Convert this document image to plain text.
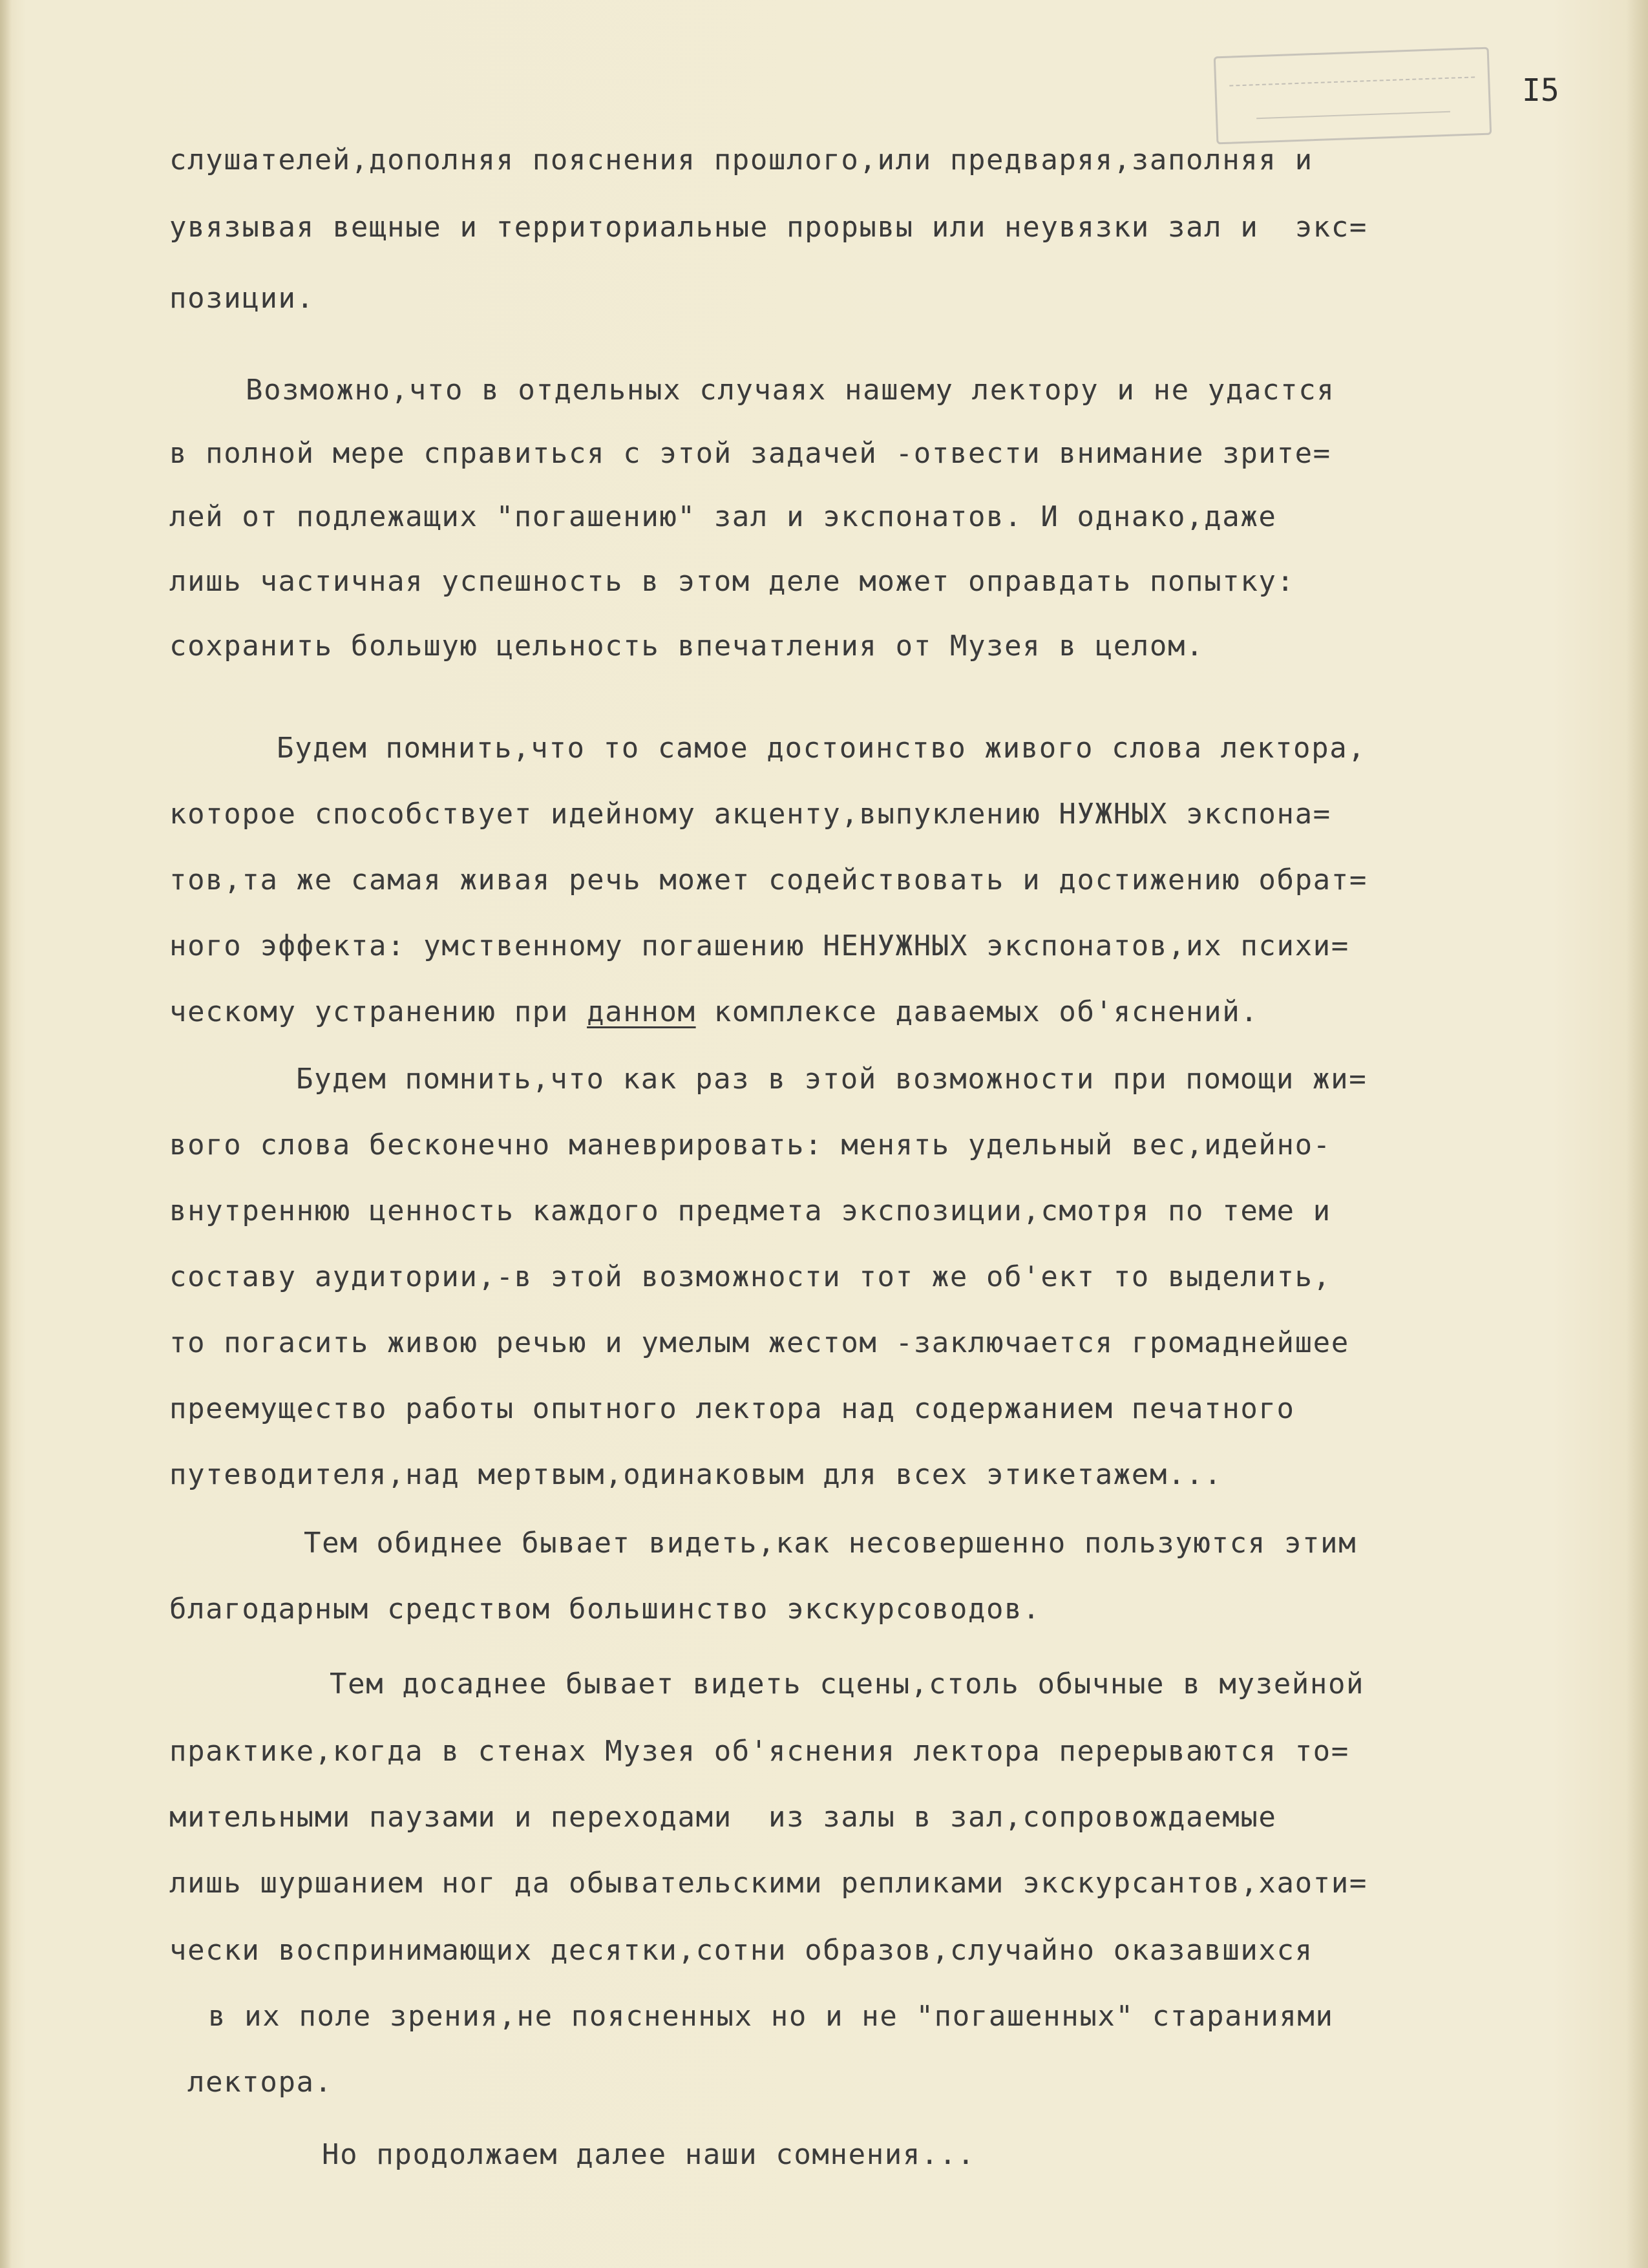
I5
слушателей,дополняя пояснения прошлого,или предваряя,заполняя и
увязывая вещные и территориальные прорывы или неувязки зал и  экс=
позиции.
Возможно,что в отдельных случаях нашему лектору и не удастся
в полной мере справиться с этой задачей -отвести внимание зрите=
лей от подлежащих "погашению" зал и экспонатов. И однако,даже
лишь частичная успешность в этом деле может оправдать попытку:
сохранить большую цельность впечатления от Музея в целом.
Будем помнить,что то самое достоинство живого слова лектора,
которое способствует идейному акценту,выпуклению НУЖНЫХ экспона=
тов,та же самая живая речь может содействовать и достижению обрат=
ного эффекта: умственному погашению НЕНУЖНЫХ экспонатов,их психи=
ческому устранению при данном комплексе даваемых об'яснений.
Будем помнить,что как раз в этой возможности при помощи жи=
вого слова бесконечно маневрировать: менять удельный вес,идейно-
внутреннюю ценность каждого предмета экспозиции,смотря по теме и
составу аудитории,-в этой возможности тот же об'ект то выделить,
то погасить живою речью и умелым жестом -заключается громаднейшее
преемущество работы опытного лектора над содержанием печатного
путеводителя,над мертвым,одинаковым для всех этикетажем...
Тем обиднее бывает видеть,как несовершенно пользуются этим
благодарным средством большинство экскурсоводов.
Тем досаднее бывает видеть сцены,столь обычные в музейной
практике,когда в стенах Музея об'яснения лектора перерываются то=
мительными паузами и переходами  из залы в зал,сопровождаемые
лишь шуршанием ног да обывательскими репликами экскурсантов,хаоти=
чески воспринимающих десятки,сотни образов,случайно оказавшихся
в их поле зрения,не поясненных но и не "погашенных" стараниями
лектора.
Но продолжаем далее наши сомнения...
